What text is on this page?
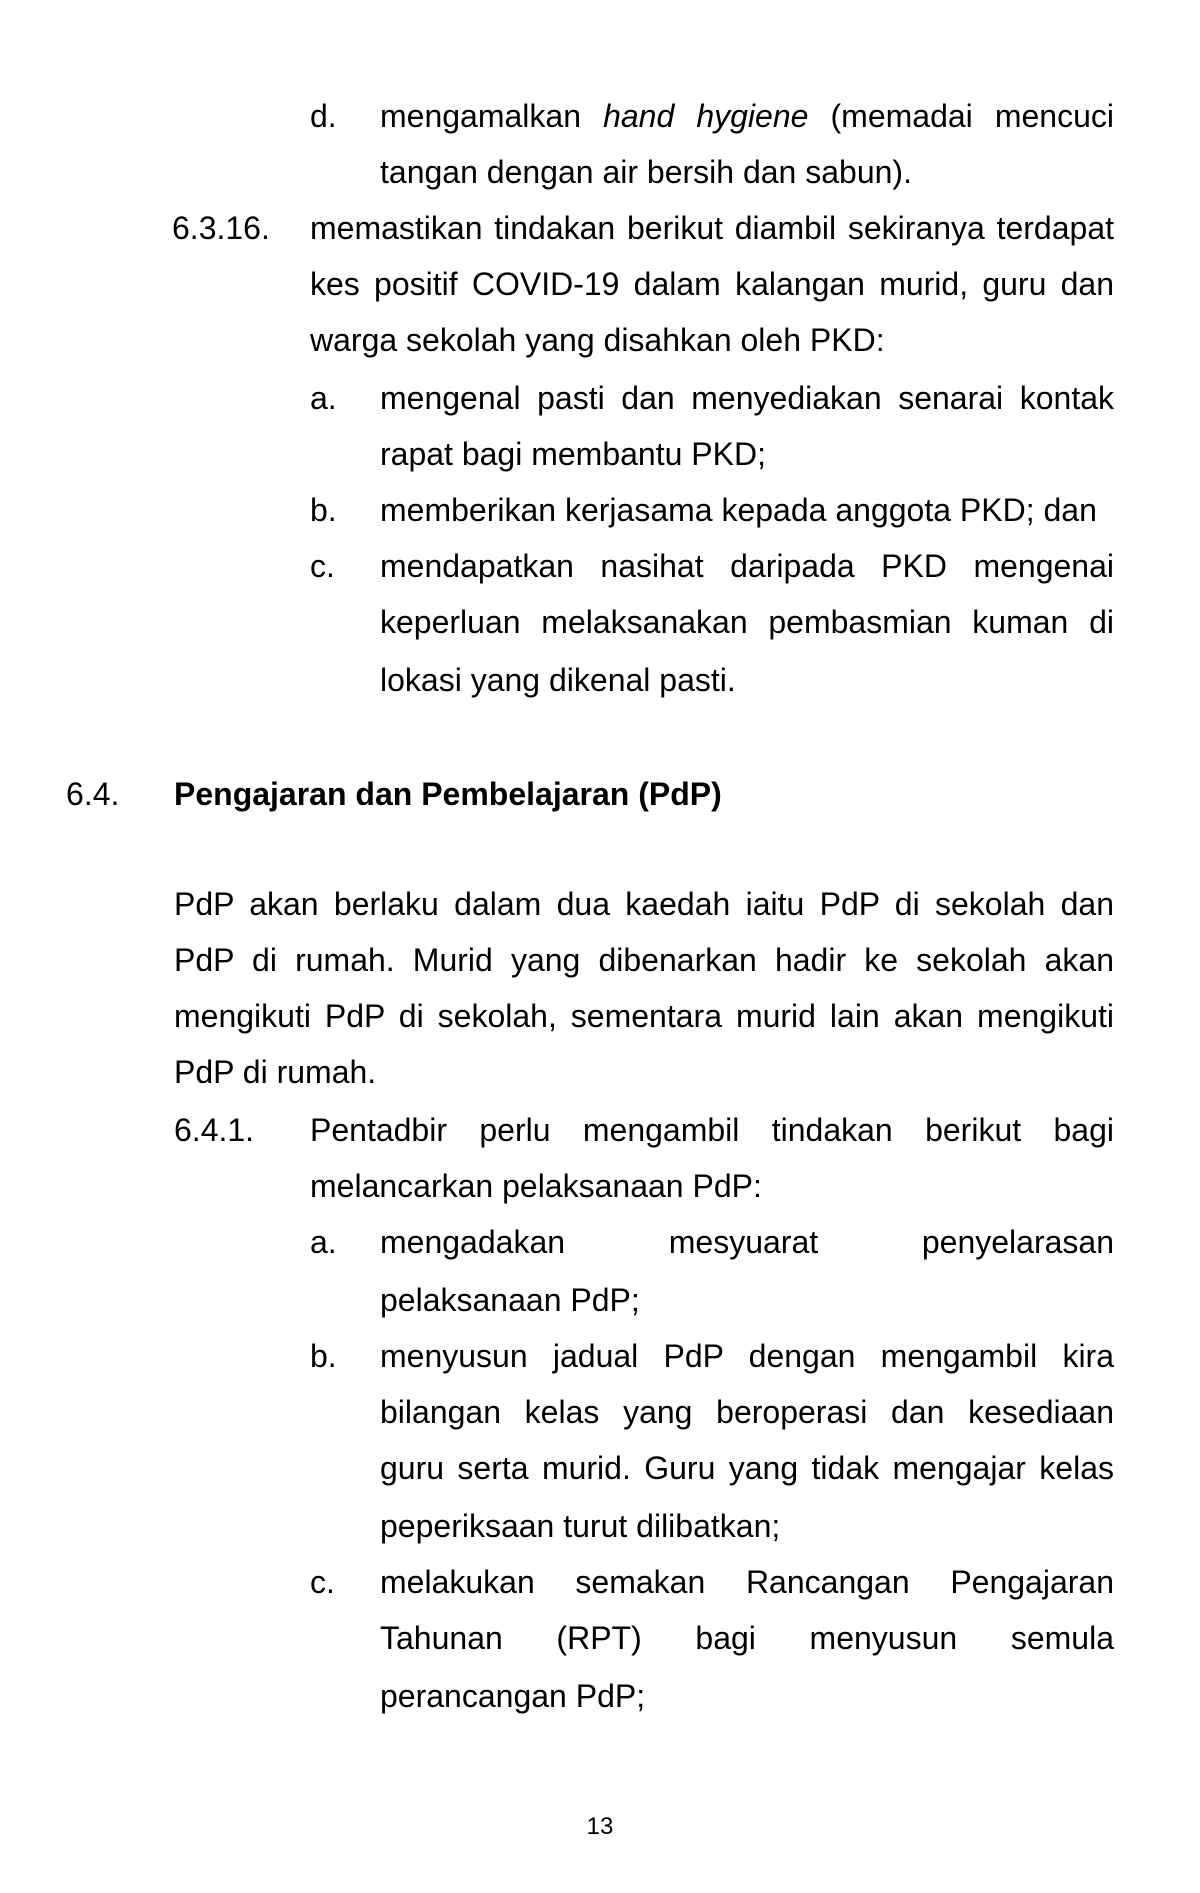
d. mengamalkan hand hygiene (memadai mencuci
tangan dengan air bersih dan sabun).
6.3.16. memastikan tindakan berikut diambil sekiranya terdapat
kes positif COVID-19 dalam kalangan murid, guru dan
warga sekolah yang disahkan oleh PKD:
a. mengenal pasti dan menyediakan senarai kontak
rapat bagi membantu PKD;
b. memberikan kerjasama kepada anggota PKD; dan
c. mendapatkan nasihat daripada PKD mengenai
keperluan melaksanakan pembasmian kuman di
lokasi yang dikenal pasti.
6.4. Pengajaran dan Pembelajaran (PdP)
PdP akan berlaku dalam dua kaedah iaitu PdP di sekolah dan
PdP di rumah. Murid yang dibenarkan hadir ke sekolah akan
mengikuti PdP di sekolah, sementara murid lain akan mengikuti
PdP di rumah.
6.4.1. Pentadbir perlu mengambil tindakan berikut bagi
melancarkan pelaksanaan PdP:
a. mengadakan mesyuarat penyelarasan
pelaksanaan PdP;
b. menyusun jadual PdP dengan mengambil kira
bilangan kelas yang beroperasi dan kesediaan
guru serta murid. Guru yang tidak mengajar kelas
peperiksaan turut dilibatkan;
c. melakukan semakan Rancangan Pengajaran
Tahunan (RPT) bagi menyusun semula
perancangan PdP;
13
